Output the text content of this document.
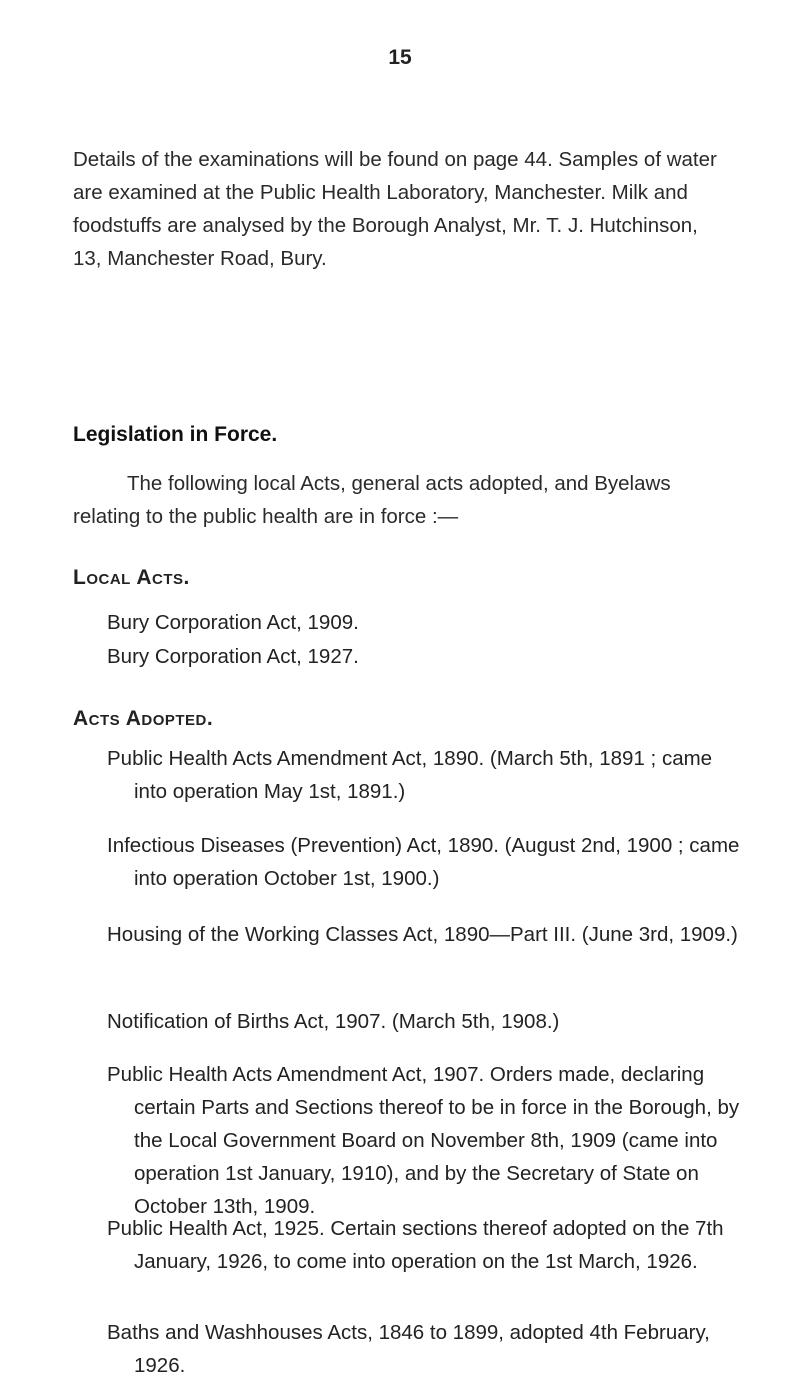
15

Details of the examinations will be found on page 44. Samples of water are examined at the Public Health Laboratory, Manchester. Milk and foodstuffs are analysed by the Borough Analyst, Mr. T. J. Hutchinson, 13, Manchester Road, Bury.

Legislation in Force.

The following local Acts, general acts adopted, and Byelaws relating to the public health are in force :—

Local Acts.

Bury Corporation Act, 1909.

Bury Corporation Act, 1927.

Acts Adopted.

Public Health Acts Amendment Act, 1890. (March 5th, 1891 ; came into operation May 1st, 1891.)

Infectious Diseases (Prevention) Act, 1890. (August 2nd, 1900 ; came into operation October 1st, 1900.)

Housing of the Working Classes Act, 1890—Part III. (June 3rd, 1909.)

Notification of Births Act, 1907. (March 5th, 1908.)

Public Health Acts Amendment Act, 1907. Orders made, declaring certain Parts and Sections thereof to be in force in the Borough, by the Local Government Board on November 8th, 1909 (came into operation 1st January, 1910), and by the Secretary of State on October 13th, 1909.

Public Health Act, 1925. Certain sections thereof adopted on the 7th January, 1926, to come into operation on the 1st March, 1926.

Baths and Washhouses Acts, 1846 to 1899, adopted 4th February, 1926.
